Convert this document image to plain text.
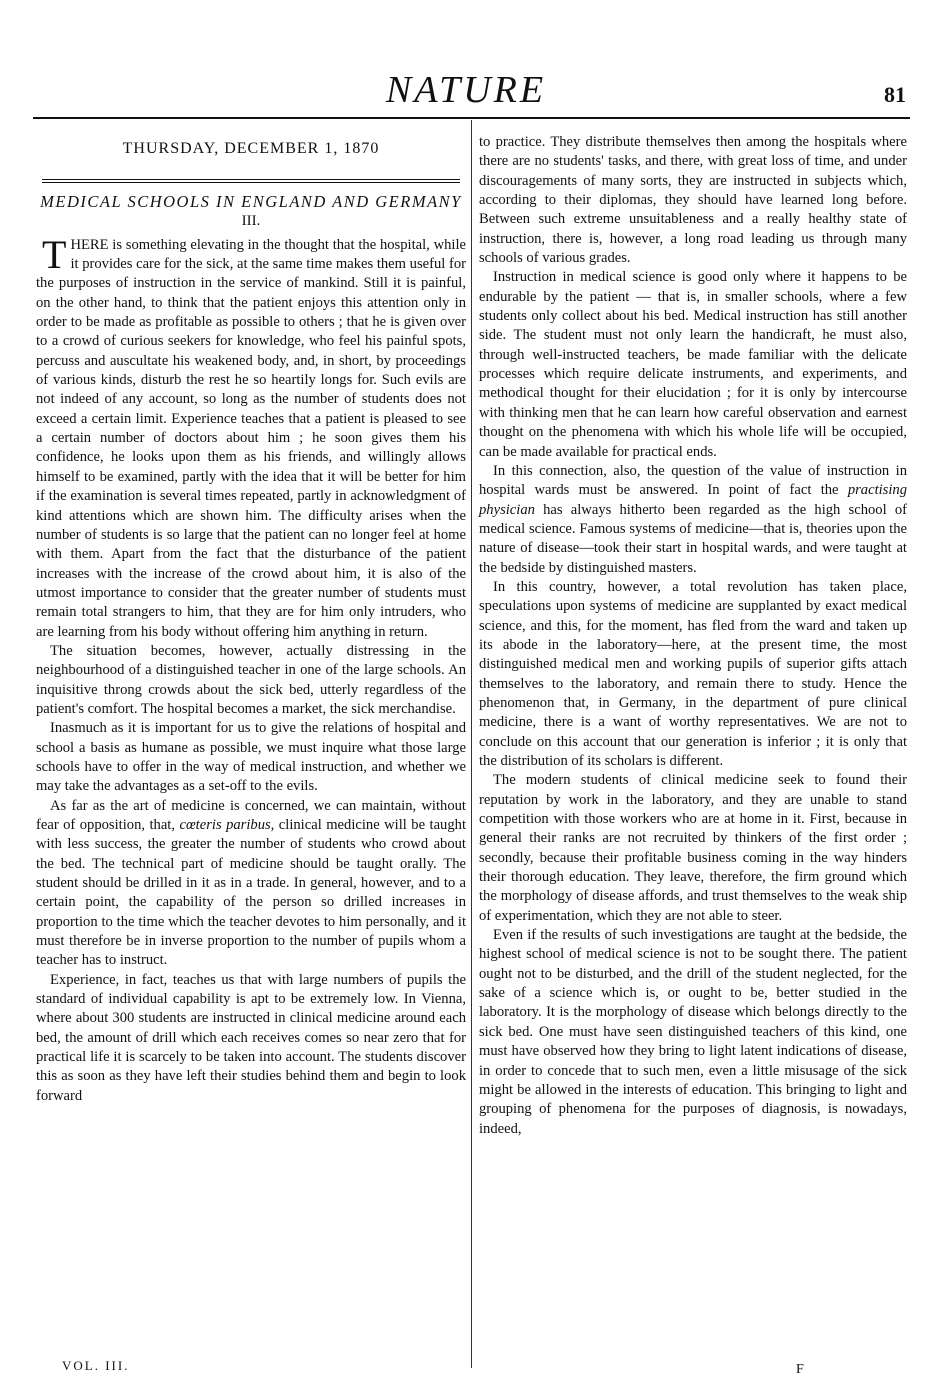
NATURE	81
THURSDAY, DECEMBER 1, 1870
MEDICAL SCHOOLS IN ENGLAND AND GERMANY
III.

THERE is something elevating in the thought that the hospital, while it provides care for the sick, at the same time makes them useful for the purposes of instruction in the service of mankind. Still it is painful, on the other hand, to think that the patient enjoys this attention only in order to be made as profitable as possible to others ; that he is given over to a crowd of curious seekers for knowledge, who feel his painful spots, percuss and auscultate his weakened body, and, in short, by proceedings of various kinds, disturb the rest he so heartily longs for. Such evils are not indeed of any account, so long as the number of students does not exceed a certain limit. Experience teaches that a patient is pleased to see a certain number of doctors about him ; he soon gives them his confidence, he looks upon them as his friends, and willingly allows himself to be examined, partly with the idea that it will be better for him if the examination is several times repeated, partly in acknowledgment of kind attentions which are shown him. The difficulty arises when the number of students is so large that the patient can no longer feel at home with them. Apart from the fact that the disturbance of the patient increases with the increase of the crowd about him, it is also of the utmost importance to consider that the greater number of students must remain total strangers to him, that they are for him only intruders, who are learning from his body without offering him anything in return.

The situation becomes, however, actually distressing in the neighbourhood of a distinguished teacher in one of the large schools. An inquisitive throng crowds about the sick bed, utterly regardless of the patient's comfort. The hospital becomes a market, the sick merchandise.

Inasmuch as it is important for us to give the relations of hospital and school a basis as humane as possible, we must inquire what those large schools have to offer in the way of medical instruction, and whether we may take the advantages as a set-off to the evils.

As far as the art of medicine is concerned, we can maintain, without fear of opposition, that, cœteris paribus, clinical medicine will be taught with less success, the greater the number of students who crowd about the bed. The technical part of medicine should be taught orally. The student should be drilled in it as in a trade. In general, however, and to a certain point, the capability of the person so drilled increases in proportion to the time which the teacher devotes to him personally, and it must therefore be in inverse proportion to the number of pupils whom a teacher has to instruct.

Experience, in fact, teaches us that with large numbers of pupils the standard of individual capability is apt to be extremely low. In Vienna, where about 300 students are instructed in clinical medicine around each bed, the amount of drill which each receives comes so near zero that for practical life it is scarcely to be taken into account. The students discover this as soon as they have left their studies behind them and begin to look forward

to practice. They distribute themselves then among the hospitals where there are no students' tasks, and there, with great loss of time, and under discouragements of many sorts, they are instructed in subjects which, according to their diplomas, they should have learned long before. Between such extreme unsuitableness and a really healthy state of instruction, there is, however, a long road leading us through many schools of various grades.

Instruction in medical science is good only where it happens to be endurable by the patient — that is, in smaller schools, where a few students only collect about his bed. Medical instruction has still another side. The student must not only learn the handicraft, he must also, through well-instructed teachers, be made familiar with the delicate processes which require delicate instruments, and experiments, and methodical thought for their elucidation ; for it is only by intercourse with thinking men that he can learn how careful observation and earnest thought on the phenomena with which his whole life will be occupied, can be made available for practical ends.

In this connection, also, the question of the value of instruction in hospital wards must be answered. In point of fact the practising physician has always hitherto been regarded as the high school of medical science. Famous systems of medicine—that is, theories upon the nature of disease—took their start in hospital wards, and were taught at the bedside by distinguished masters.

In this country, however, a total revolution has taken place, speculations upon systems of medicine are supplanted by exact medical science, and this, for the moment, has fled from the ward and taken up its abode in the laboratory—here, at the present time, the most distinguished medical men and working pupils of superior gifts attach themselves to the laboratory, and remain there to study. Hence the phenomenon that, in Germany, in the department of pure clinical medicine, there is a want of worthy representatives. We are not to conclude on this account that our generation is inferior ; it is only that the distribution of its scholars is different.

The modern students of clinical medicine seek to found their reputation by work in the laboratory, and they are unable to stand competition with those workers who are at home in it. First, because in general their ranks are not recruited by thinkers of the first order ; secondly, because their profitable business coming in the way hinders their thorough education. They leave, therefore, the firm ground which the morphology of disease affords, and trust themselves to the weak ship of experimentation, which they are not able to steer.

Even if the results of such investigations are taught at the bedside, the highest school of medical science is not to be sought there. The patient ought not to be disturbed, and the drill of the student neglected, for the sake of a science which is, or ought to be, better studied in the laboratory. It is the morphology of disease which belongs directly to the sick bed. One must have seen distinguished teachers of this kind, one must have observed how they bring to light latent indications of disease, in order to concede that to such men, even a little misusage of the sick might be allowed in the interests of education. This bringing to light and grouping of phenomena for the purposes of diagnosis, is nowadays, indeed,

VOL. III.	F
